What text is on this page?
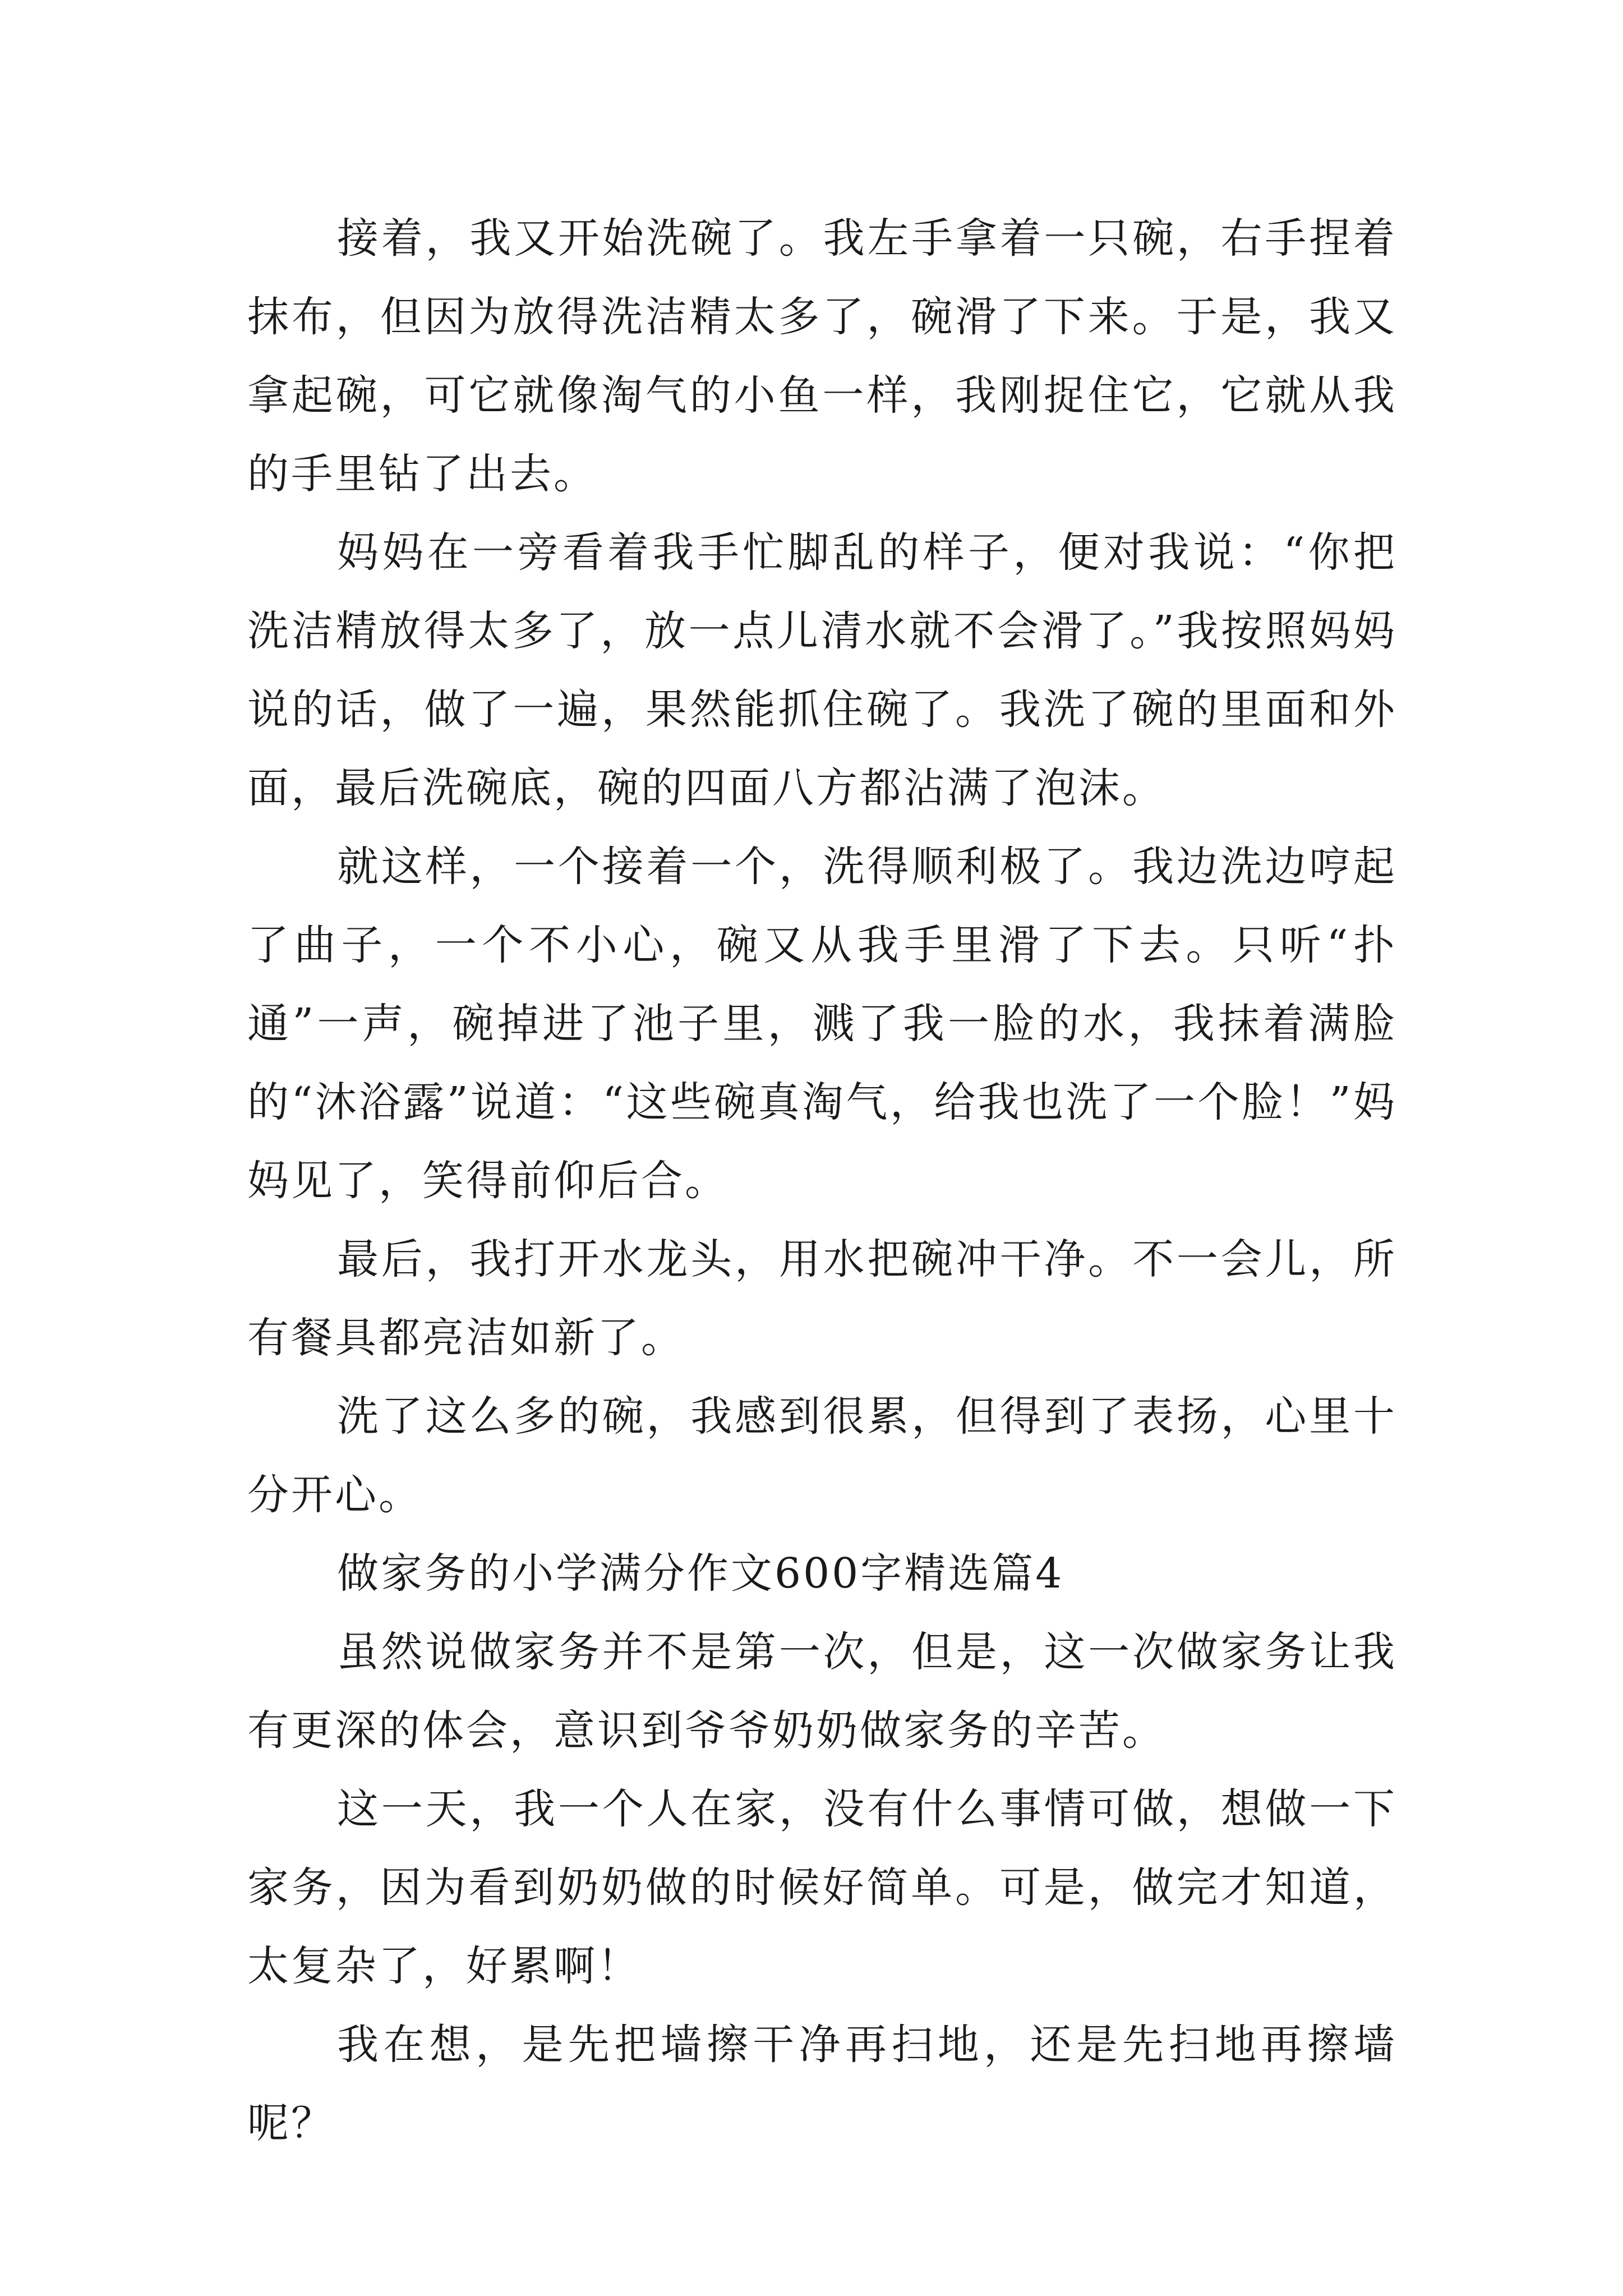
接着，我又开始洗碗了。我左手拿着一只碗，右手捏着抹布，但因为放得洗洁精太多了，碗滑了下来。于是，我又拿起碗，可它就像淘气的小鱼一样，我刚捉住它，它就从我的手里钻了出去。

妈妈在一旁看着我手忙脚乱的样子，便对我说：“你把洗洁精放得太多了，放一点儿清水就不会滑了。”我按照妈妈说的话，做了一遍，果然能抓住碗了。我洗了碗的里面和外面，最后洗碗底，碗的四面八方都沾满了泡沫。

就这样，一个接着一个，洗得顺利极了。我边洗边哼起了曲子，一个不小心，碗又从我手里滑了下去。只听“扑通”一声，碗掉进了池子里，溅了我一脸的水，我抹着满脸的“沐浴露”说道：“这些碗真淘气，给我也洗了一个脸！”妈妈见了，笑得前仰后合。

最后，我打开水龙头，用水把碗冲干净。不一会儿，所有餐具都亮洁如新了。

洗了这么多的碗，我感到很累，但得到了表扬，心里十分开心。

做家务的小学满分作文600字精选篇4

虽然说做家务并不是第一次，但是，这一次做家务让我有更深的体会，意识到爷爷奶奶做家务的辛苦。

这一天，我一个人在家，没有什么事情可做，想做一下家务，因为看到奶奶做的时候好简单。可是，做完才知道，太复杂了，好累啊！

我在想，是先把墙擦干净再扫地，还是先扫地再擦墙呢？
